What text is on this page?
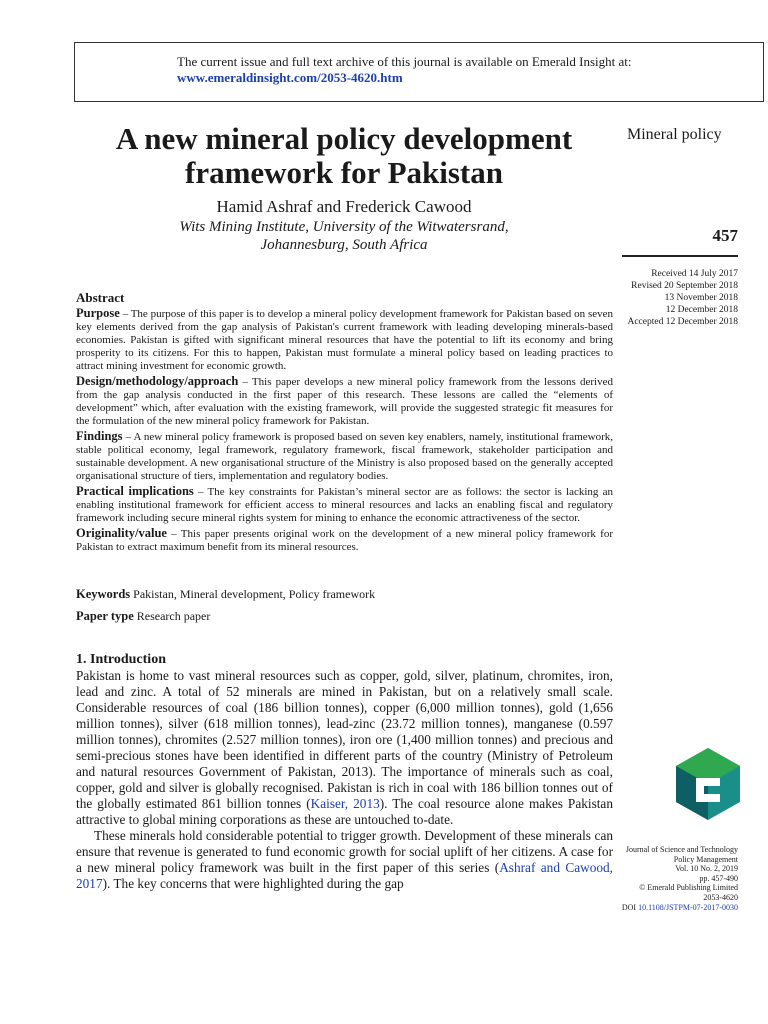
The current issue and full text archive of this journal is available on Emerald Insight at:
www.emeraldinsight.com/2053-4620.htm
A new mineral policy development
framework for Pakistan
Hamid Ashraf and Frederick Cawood
Wits Mining Institute, University of the Witwatersrand,
Johannesburg, South Africa
Mineral policy
457
Received 14 July 2017
Revised 20 September 2018
13 November 2018
12 December 2018
Accepted 12 December 2018
Abstract

Purpose – The purpose of this paper is to develop a mineral policy development framework for Pakistan based on seven key elements derived from the gap analysis of Pakistan's current framework with leading developing minerals-based economies. Pakistan is gifted with significant mineral resources that have the potential to lift its economy and bring prosperity to its citizens. For this to happen, Pakistan must formulate a mineral policy based on leading practices to attract mining investment for economic growth.

Design/methodology/approach – This paper develops a new mineral policy framework from the lessons derived from the gap analysis conducted in the first paper of this research. These lessons are called the “elements of development” which, after evaluation with the existing framework, will provide the suggested strategic fit measures for the formulation of the new mineral policy framework for Pakistan.

Findings – A new mineral policy framework is proposed based on seven key enablers, namely, institutional framework, stable political economy, legal framework, regulatory framework, fiscal framework, stakeholder participation and sustainable development. A new organisational structure of the Ministry is also proposed based on the generally accepted organisational structure of tiers, implementation and regulatory bodies.

Practical implications – The key constraints for Pakistan’s mineral sector are as follows: the sector is lacking an enabling institutional framework for efficient access to mineral resources and lacks an enabling fiscal and regulatory framework including secure mineral rights system for mining to enhance the economic attractiveness of the sector.

Originality/value – This paper presents original work on the development of a new mineral policy framework for Pakistan to extract maximum benefit from its mineral resources.

Keywords Pakistan, Mineral development, Policy framework
Paper type Research paper
1. Introduction

Pakistan is home to vast mineral resources such as copper, gold, silver, platinum, chromites, iron, lead and zinc. A total of 52 minerals are mined in Pakistan, but on a relatively small scale. Considerable resources of coal (186 billion tonnes), copper (6,000 million tonnes), gold (1,656 million tonnes), silver (618 million tonnes), lead-zinc (23.72 million tonnes), manganese (0.597 million tonnes), chromites (2.527 million tonnes), iron ore (1,400 million tonnes) and precious and semi-precious stones have been identified in different parts of the country (Ministry of Petroleum and natural resources Government of Pakistan, 2013). The importance of minerals such as coal, copper, gold and silver is globally recognised. Pakistan is rich in coal with 186 billion tonnes out of the globally estimated 861 billion tonnes (Kaiser, 2013). The coal resource alone makes Pakistan attractive to global mining corporations as these are untouched to-date.

These minerals hold considerable potential to trigger growth. Development of these minerals can ensure that revenue is generated to fund economic growth for social uplift of her citizens. A case for a new mineral policy framework was built in the first paper of this series (Ashraf and Cawood, 2017). The key concerns that were highlighted during the gap

Journal of Science and Technology
Policy Management
Vol. 10 No. 2, 2019
pp. 457-490
© Emerald Publishing Limited
2053-4620
DOI 10.1108/JSTPM-07-2017-0030
